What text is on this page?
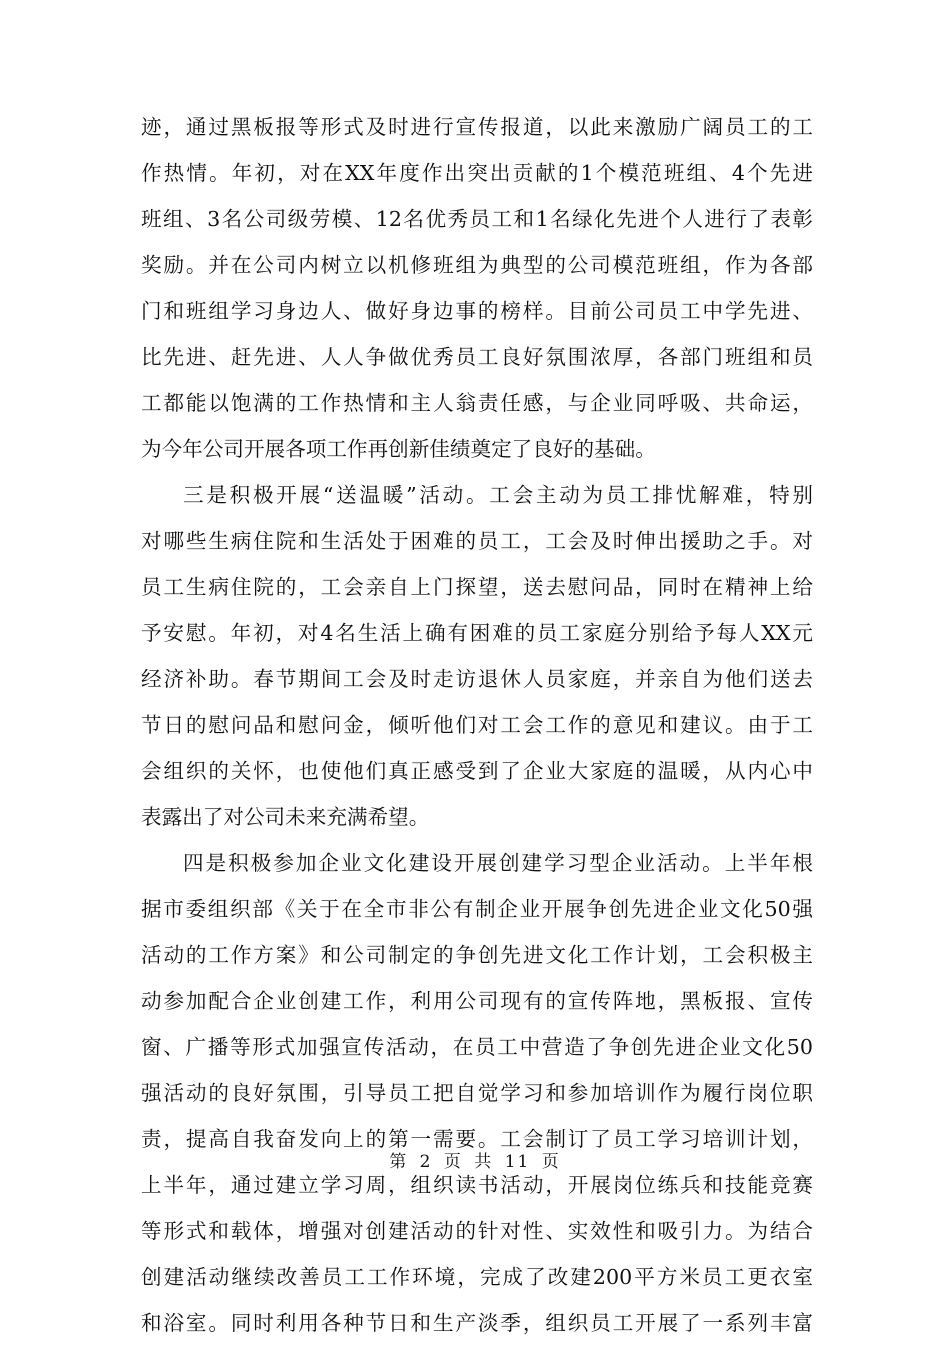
迹，通过黑板报等形式及时进行宣传报道，以此来激励广阔员工的工
作热情。年初，对在XX年度作出突出贡献的1个模范班组、4个先进
班组、3名公司级劳模、12名优秀员工和1名绿化先进个人进行了表彰
奖励。并在公司内树立以机修班组为典型的公司模范班组，作为各部
门和班组学习身边人、做好身边事的榜样。目前公司员工中学先进、
比先进、赶先进、人人争做优秀员工良好氛围浓厚，各部门班组和员
工都能以饱满的工作热情和主人翁责任感，与企业同呼吸、共命运，
为今年公司开展各项工作再创新佳绩奠定了良好的基础。
三是积极开展“送温暖”活动。工会主动为员工排忧解难，特别
对哪些生病住院和生活处于困难的员工，工会及时伸出援助之手。对
员工生病住院的，工会亲自上门探望，送去慰问品，同时在精神上给
予安慰。年初，对4名生活上确有困难的员工家庭分别给予每人XX元
经济补助。春节期间工会及时走访退休人员家庭，并亲自为他们送去
节日的慰问品和慰问金，倾听他们对工会工作的意见和建议。由于工
会组织的关怀，也使他们真正感受到了企业大家庭的温暖，从内心中
表露出了对公司未来充满希望。
四是积极参加企业文化建设开展创建学习型企业活动。上半年根
据市委组织部《关于在全市非公有制企业开展争创先进企业文化50强
活动的工作方案》和公司制定的争创先进文化工作计划，工会积极主
动参加配合企业创建工作，利用公司现有的宣传阵地，黑板报、宣传
窗、广播等形式加强宣传活动，在员工中营造了争创先进企业文化50
强活动的良好氛围，引导员工把自觉学习和参加培训作为履行岗位职
责，提高自我奋发向上的第一需要。工会制订了员工学习培训计划，
上半年，通过建立学习周，组织读书活动，开展岗位练兵和技能竞赛
等形式和载体，增强对创建活动的针对性、实效性和吸引力。为结合
创建活动继续改善员工工作环境，完成了改建200平方米员工更衣室
和浴室。同时利用各种节日和生产淡季，组织员工开展了一系列丰富
第 2 页 共 11 页
